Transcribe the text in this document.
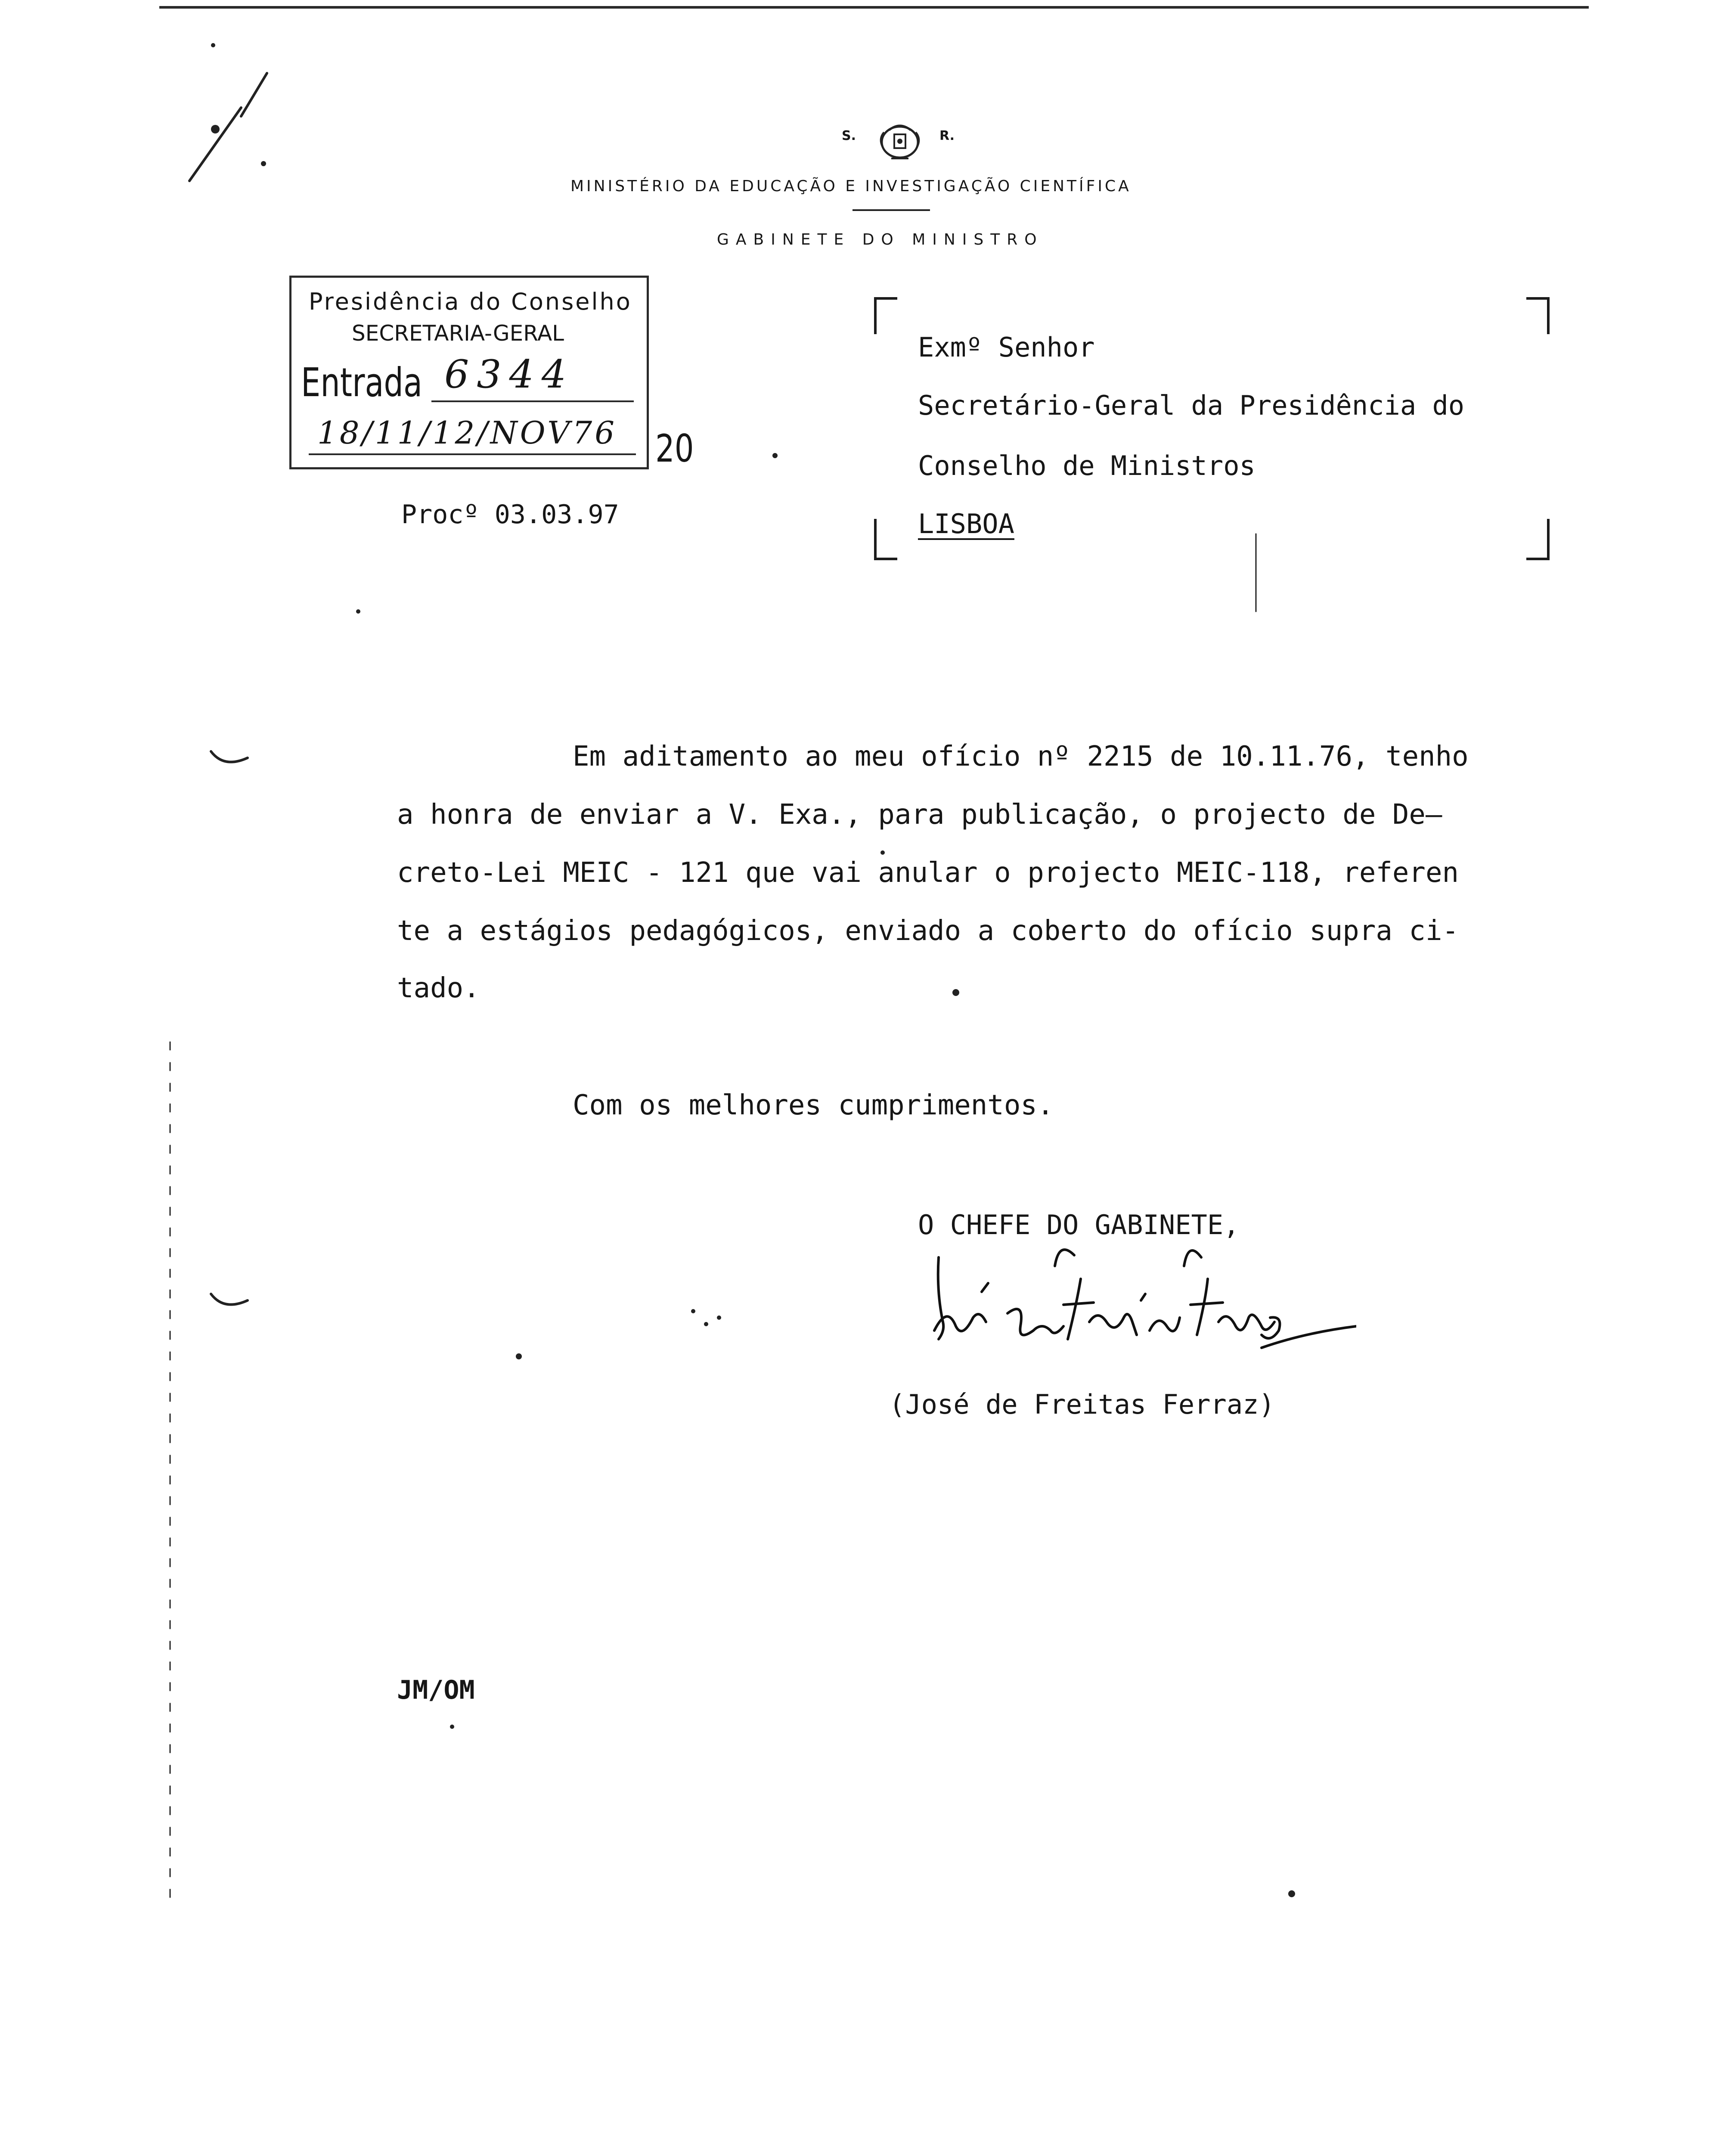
S.	R.
MINISTÉRIO DA EDUCAÇÃO E INVESTIGAÇÃO CIENTÍFICA
GABINETE DO MINISTRO
Presidência do Conselho
SECRETARIA-GERAL
Entrada 6344
18/11/12/NOV76 20
Procº 03.03.97
Exmº Senhor
Secretário-Geral da Presidência do
Conselho de Ministros
LISBOA
Em aditamento ao meu ofício nº 2215 de 10.11.76, tenho
a honra de enviar a V. Exa., para publicação, o projecto de De—
creto-Lei MEIC - 121 que vai anular o projecto MEIC-118, referen
te a estágios pedagógicos, enviado a coberto do ofício supra ci-
tado.
Com os melhores cumprimentos.
O CHEFE DO GABINETE,
(José de Freitas Ferraz)
JM/OM
